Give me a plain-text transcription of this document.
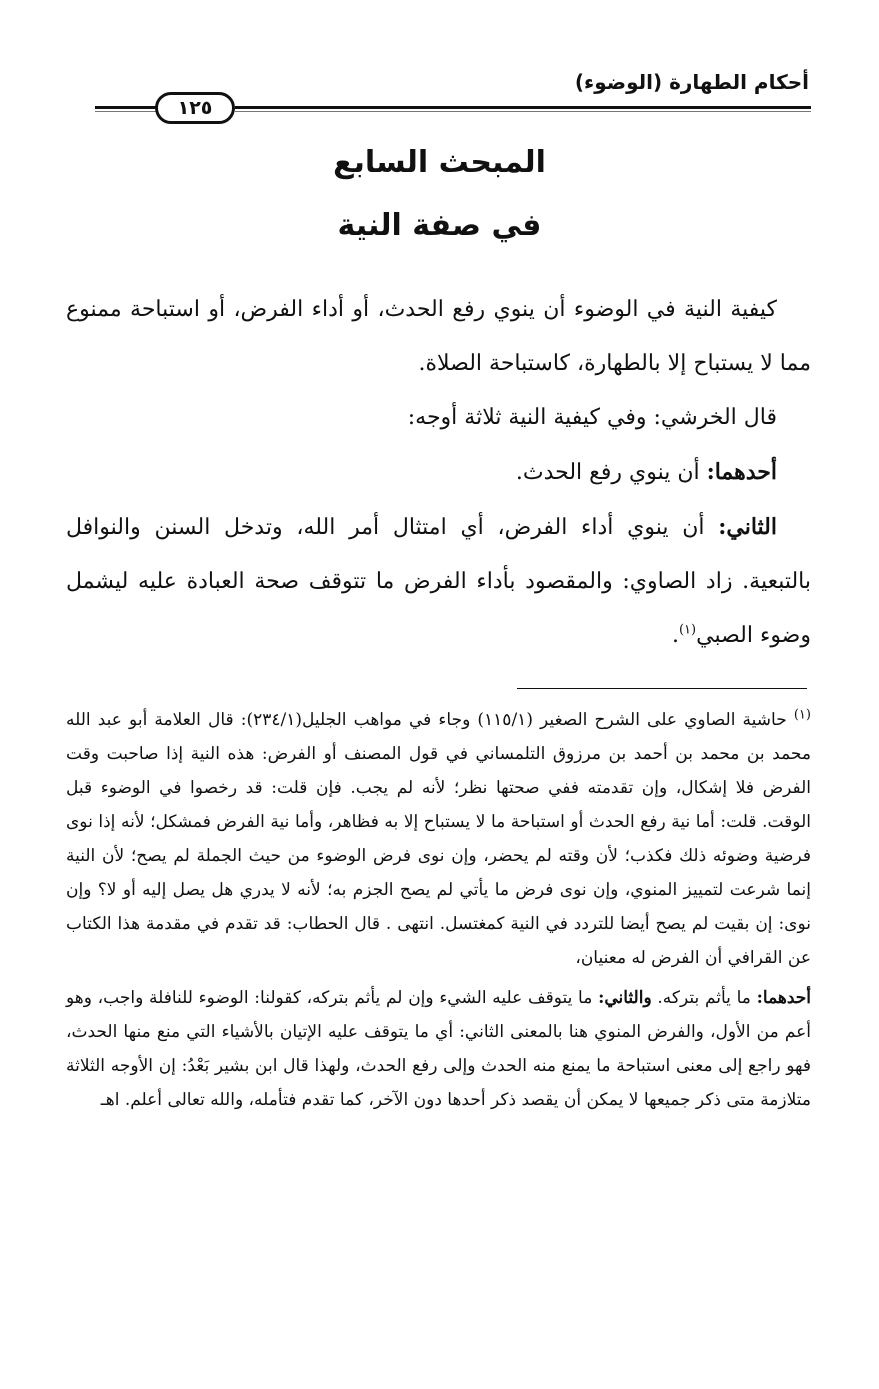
أحكام الطهارة (الوضوء)
١٢٥
المبحث السابع
في صفة النية

كيفية النية في الوضوء أن ينوي رفع الحدث، أو أداء الفرض، أو استباحة ممنوع مما لا يستباح إلا بالطهارة، كاستباحة الصلاة.

قال الخرشي: وفي كيفية النية ثلاثة أوجه:

أحدهما: أن ينوي رفع الحدث.

الثاني: أن ينوي أداء الفرض، أي امتثال أمر الله، وتدخل السنن والنوافل بالتبعية. زاد الصاوي: والمقصود بأداء الفرض ما تتوقف صحة العبادة عليه ليشمل وضوء الصبي$^{(١)}$.

$^{(١)}$ حاشية الصاوي على الشرح الصغير (١١٥/١) وجاء في مواهب الجليل(٢٣٤/١): قال العلامة أبو عبد الله محمد بن محمد بن أحمد بن مرزوق التلمساني في قول المصنف أو الفرض: هذه النية إذا صاحبت وقت الفرض فلا إشكال، وإن تقدمته ففي صحتها نظر؛ لأنه لم يجب. فإن قلت: قد رخصوا في الوضوء قبل الوقت. قلت: أما نية رفع الحدث أو استباحة ما لا يستباح إلا به فظاهر، وأما نية الفرض فمشكل؛ لأنه إذا نوى فرضية وضوئه ذلك فكذب؛ لأن وقته لم يحضر، وإن نوى فرض الوضوء من حيث الجملة لم يصح؛ لأن النية إنما شرعت لتمييز المنوي، وإن نوى فرض ما يأتي لم يصح الجزم به؛ لأنه لا يدري هل يصل إليه أو لا؟ وإن نوى: إن بقيت لم يصح أيضا للتردد في النية كمغتسل. انتهى . قال الحطاب: قد تقدم في مقدمة هذا الكتاب عن القرافي أن الفرض له معنيان،

أحدهما: ما يأثم بتركه. والثاني: ما يتوقف عليه الشيء وإن لم يأثم بتركه، كقولنا: الوضوء للنافلة واجب، وهو أعم من الأول، والفرض المنوي هنا بالمعنى الثاني: أي ما يتوقف عليه الإتيان بالأشياء التي منع منها الحدث، فهو راجع إلى معنى استباحة ما يمنع منه الحدث وإلى رفع الحدث، ولهذا قال ابن بشير بَعْدُ: إن الأوجه الثلاثة متلازمة متى ذكر جميعها لا يمكن أن يقصد ذكر أحدها دون الآخر، كما تقدم فتأمله، والله تعالى أعلم. اهـ
